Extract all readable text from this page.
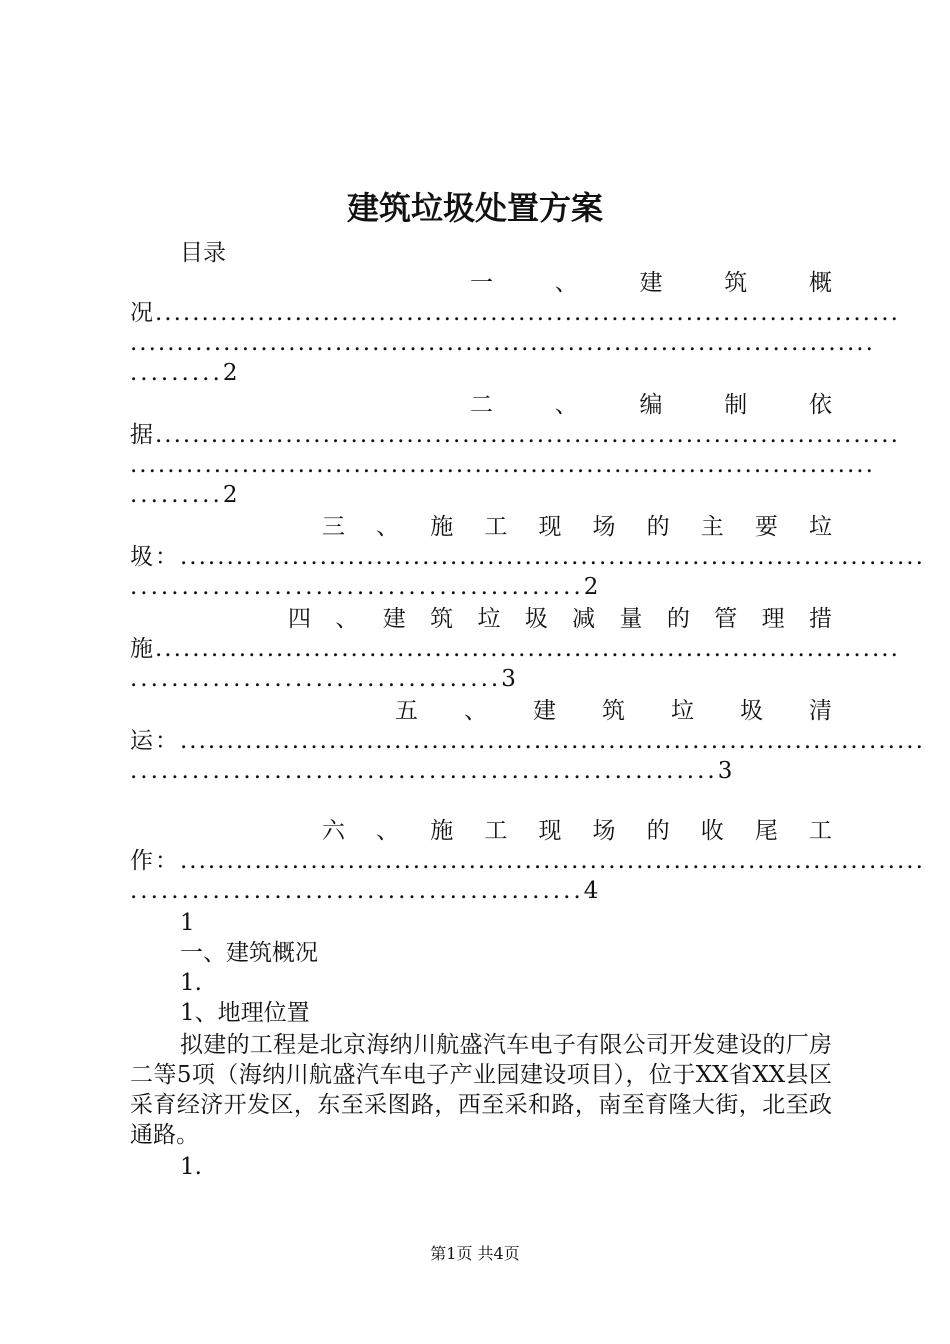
建筑垃圾处置方案
目录
一	、	建	筑	概
况................................................................................
................................................................................
.........2
二	、	编	制	依
据................................................................................
................................................................................
.........2
三 、 施 工 现 场 的 主 要 垃
圾：................................................................................
............................................2
四 、 建 筑 垃 圾 减 量 的 管 理 措
施................................................................................
....................................3
五 、 建 筑 垃 圾 清
运：................................................................................
.........................................................3
六 、 施 工 现 场 的 收 尾 工
作：................................................................................
............................................4
1
一、建筑概况
1.
1、地理位置
拟建的工程是北京海纳川航盛汽车电子有限公司开发建设的厂房二等5项（海纳川航盛汽车电子产业园建设项目），位于XX省XX县区采育经济开发区，东至采图路，西至采和路，南至育隆大街，北至政通路。
1.
第1页 共4页
